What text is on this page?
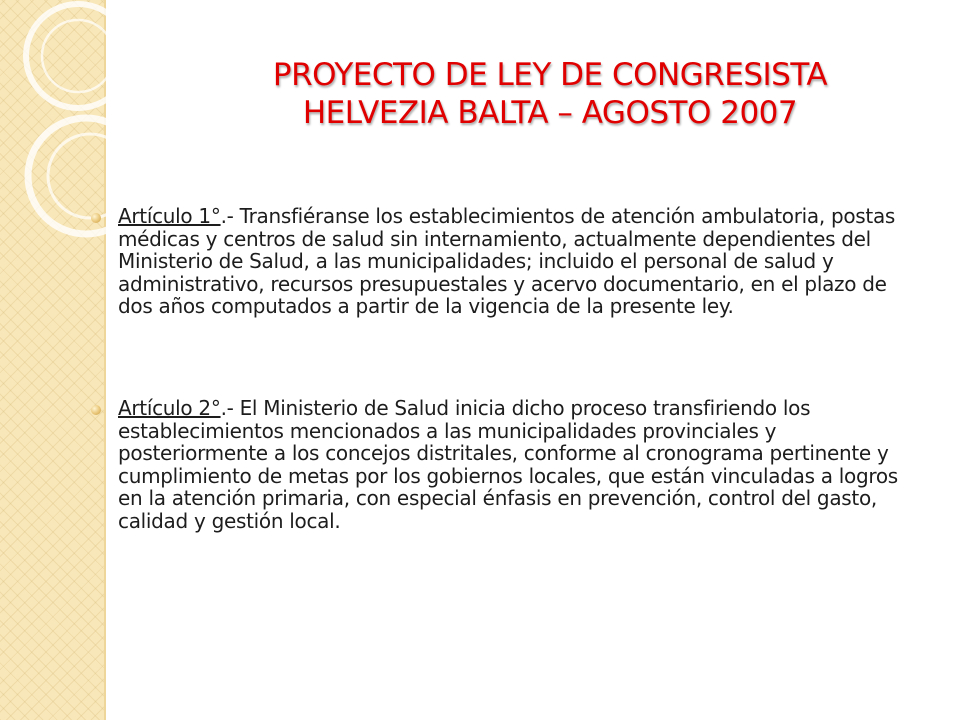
PROYECTO DE LEY DE CONGRESISTA
HELVEZIA BALTA – AGOSTO 2007

Artículo 1°.- Transfiéranse los establecimientos de atención ambulatoria, postas médicas y centros de salud sin internamiento, actualmente dependientes del Ministerio de Salud, a las municipalidades; incluido el personal de salud y administrativo, recursos presupuestales y acervo documentario, en el plazo de dos años computados a partir de la vigencia de la presente ley.

Artículo 2°.- El Ministerio de Salud inicia dicho proceso transfiriendo los establecimientos mencionados a las municipalidades provinciales y posteriormente a los concejos distritales, conforme al cronograma pertinente y cumplimiento de metas por los gobiernos locales, que están vinculadas a logros en la atención primaria, con especial énfasis en prevención, control del gasto, calidad y gestión local.
